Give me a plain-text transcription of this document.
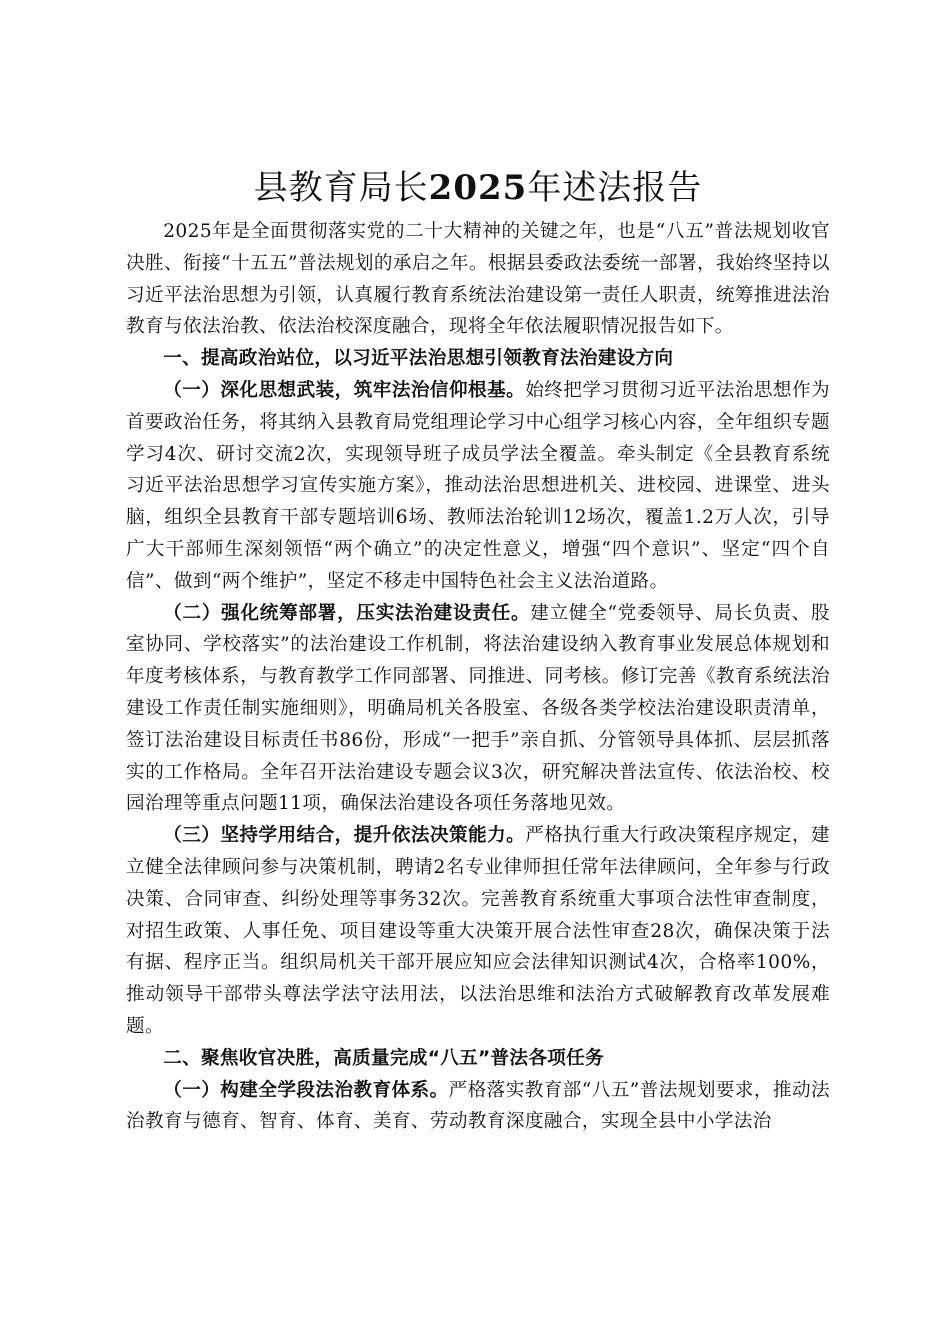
县教育局长2025年述法报告

2025年是全面贯彻落实党的二十大精神的关键之年，也是“八五”普法规划收官决胜、衔接“十五五”普法规划的承启之年。根据县委政法委统一部署，我始终坚持以习近平法治思想为引领，认真履行教育系统法治建设第一责任人职责，统筹推进法治教育与依法治教、依法治校深度融合，现将全年依法履职情况报告如下。

一、提高政治站位，以习近平法治思想引领教育法治建设方向

（一）深化思想武装，筑牢法治信仰根基。始终把学习贯彻习近平法治思想作为首要政治任务，将其纳入县教育局党组理论学习中心组学习核心内容，全年组织专题学习4次、研讨交流2次，实现领导班子成员学法全覆盖。牵头制定《全县教育系统习近平法治思想学习宣传实施方案》，推动法治思想进机关、进校园、进课堂、进头脑，组织全县教育干部专题培训6场、教师法治轮训12场次，覆盖1.2万人次，引导广大干部师生深刻领悟“两个确立”的决定性意义，增强“四个意识”、坚定“四个自信”、做到“两个维护”，坚定不移走中国特色社会主义法治道路。

（二）强化统筹部署，压实法治建设责任。建立健全“党委领导、局长负责、股室协同、学校落实”的法治建设工作机制，将法治建设纳入教育事业发展总体规划和年度考核体系，与教育教学工作同部署、同推进、同考核。修订完善《教育系统法治建设工作责任制实施细则》，明确局机关各股室、各级各类学校法治建设职责清单，签订法治建设目标责任书86份，形成“一把手”亲自抓、分管领导具体抓、层层抓落实的工作格局。全年召开法治建设专题会议3次，研究解决普法宣传、依法治校、校园治理等重点问题11项，确保法治建设各项任务落地见效。

（三）坚持学用结合，提升依法决策能力。严格执行重大行政决策程序规定，建立健全法律顾问参与决策机制，聘请2名专业律师担任常年法律顾问，全年参与行政决策、合同审查、纠纷处理等事务32次。完善教育系统重大事项合法性审查制度，对招生政策、人事任免、项目建设等重大决策开展合法性审查28次，确保决策于法有据、程序正当。组织局机关干部开展应知应会法律知识测试4次，合格率100%，推动领导干部带头尊法学法守法用法，以法治思维和法治方式破解教育改革发展难题。

二、聚焦收官决胜，高质量完成“八五”普法各项任务

（一）构建全学段法治教育体系。严格落实教育部“八五”普法规划要求，推动法治教育与德育、智育、体育、美育、劳动教育深度融合，实现全县中小学法治
